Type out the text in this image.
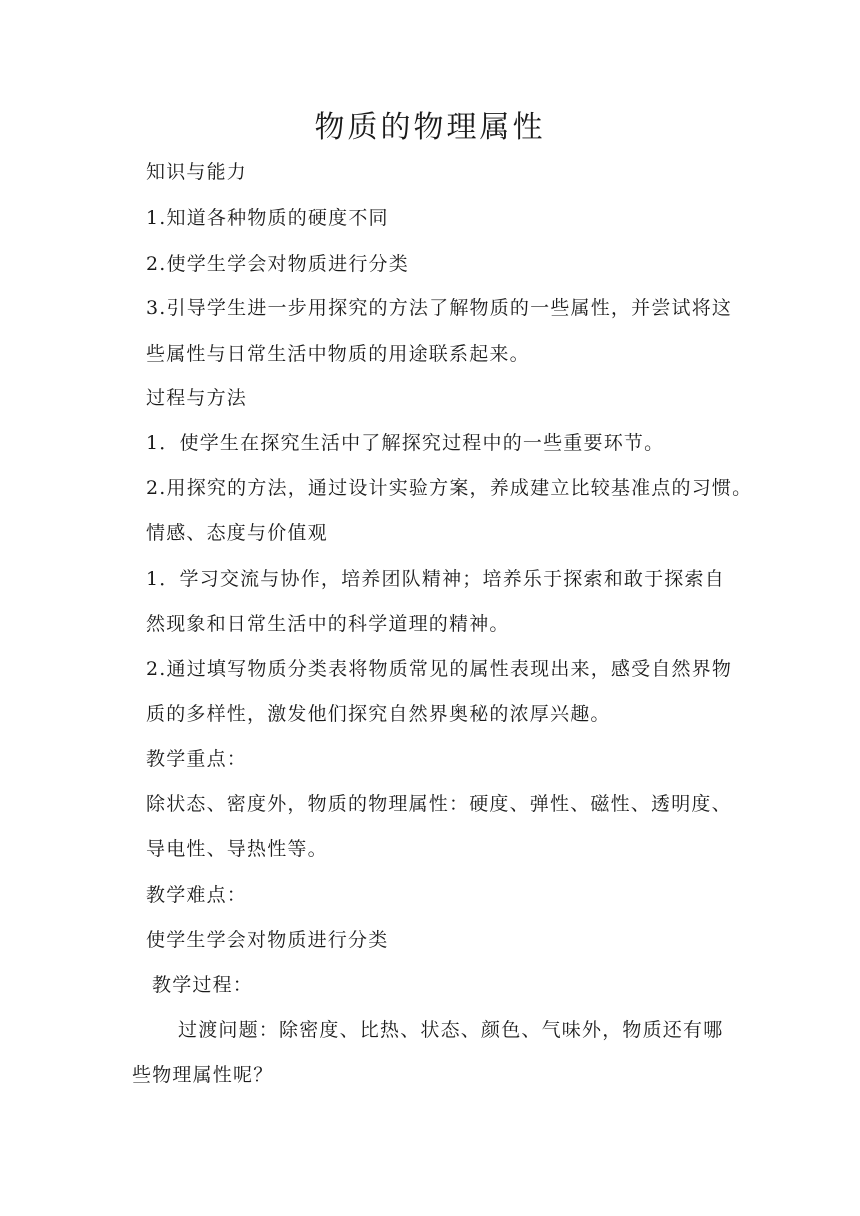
物质的物理属性
知识与能力
1.知道各种物质的硬度不同
2.使学生学会对物质进行分类
3.引导学生进一步用探究的方法了解物质的一些属性，并尝试将这
些属性与日常生活中物质的用途联系起来。
过程与方法
1．使学生在探究生活中了解探究过程中的一些重要环节。
2.用探究的方法，通过设计实验方案，养成建立比较基准点的习惯。
情感、态度与价值观
1．学习交流与协作，培养团队精神；培养乐于探索和敢于探索自
然现象和日常生活中的科学道理的精神。
2.通过填写物质分类表将物质常见的属性表现出来，感受自然界物
质的多样性，激发他们探究自然界奥秘的浓厚兴趣。
教学重点：
除状态、密度外，物质的物理属性：硬度、弹性、磁性、透明度、
导电性、导热性等。
教学难点：
使学生学会对物质进行分类
教学过程：
过渡问题：除密度、比热、状态、颜色、气味外，物质还有哪
些物理属性呢？
